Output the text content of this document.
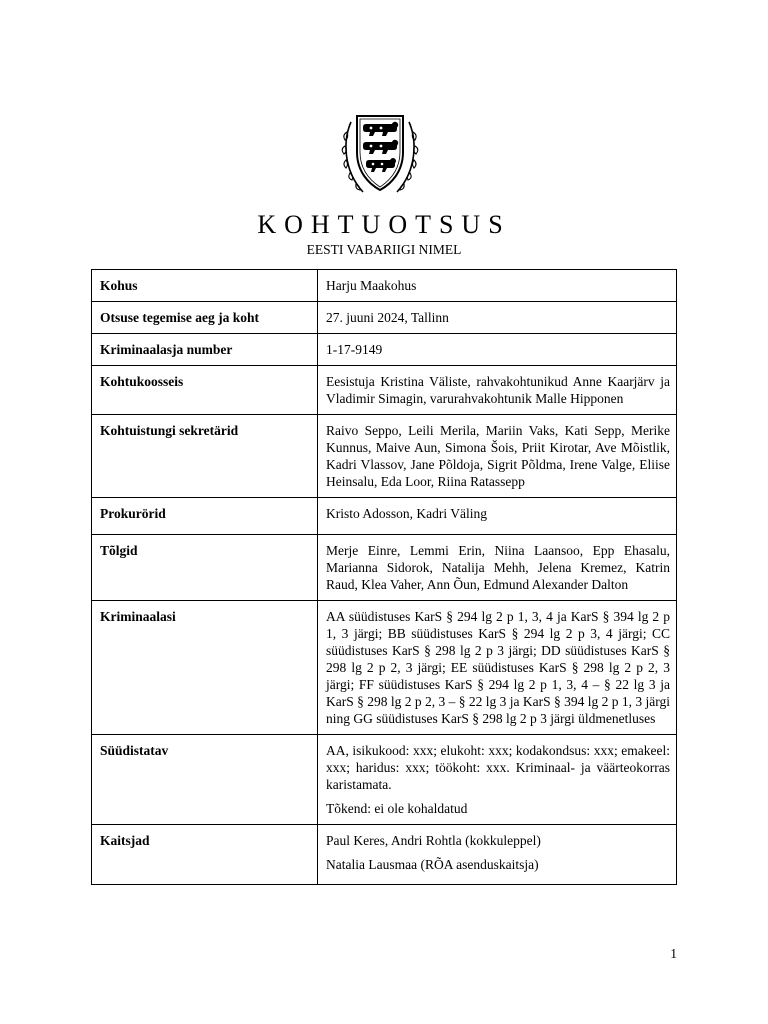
KOHTUOTSUS
EESTI VABARIIGI NIMEL
Kohus	Harju Maakohus

Otsuse tegemise aeg ja koht	27. juuni 2024, Tallinn

Kriminaalasja number	1-17-9149

Kohtukoosseis	Eesistuja Kristina Väliste, rahvakohtunikud Anne Kaarjärv ja Vladimir Simagin, varurahvakohtunik Malle Hipponen

Kohtuistungi sekretärid	Raivo Seppo, Leili Merila, Mariin Vaks, Kati Sepp, Merike Kunnus, Maive Aun, Simona Šois, Priit Kirotar, Ave Mõistlik, Kadri Vlassov, Jane Põldoja, Sigrit Põldma, Irene Valge, Eliise Heinsalu, Eda Loor, Riina Ratassepp

Prokurörid	Kristo Adosson, Kadri Väling

Tõlgid	Merje Einre, Lemmi Erin, Niina Laansoo, Epp Ehasalu, Marianna Sidorok, Natalija Mehh, Jelena Kremez, Katrin Raud, Klea Vaher, Ann Õun, Edmund Alexander Dalton

Kriminaalasi	AA süüdistuses KarS § 294 lg 2 p 1, 3, 4 ja KarS § 394 lg 2 p 1, 3 järgi; BB süüdistuses KarS § 294 lg 2 p 3, 4 järgi; CC süüdistuses KarS § 298 lg 2 p 3 järgi; DD süüdistuses KarS § 298 lg 2 p 2, 3 järgi; EE süüdistuses KarS § 298 lg 2 p 2, 3 järgi; FF süüdistuses KarS § 294 lg 2 p 1, 3, 4 – § 22 lg 3 ja KarS § 298 lg 2 p 2, 3 – § 22 lg 3 ja KarS § 394 lg 2 p 1, 3 järgi ning GG süüdistuses KarS § 298 lg 2 p 3 järgi üldmenetluses

Süüdistatav	AA, isikukood: xxx; elukoht: xxx; kodakondsus: xxx; emakeel: xxx; haridus: xxx; töökoht: xxx. Kriminaal- ja väärteokorras karistamata.

Tõkend: ei ole kohaldatud

Kaitsjad	Paul Keres, Andri Rohtla (kokkuleppel)

Natalia Lausmaa (RÕA asenduskaitsja)

1
